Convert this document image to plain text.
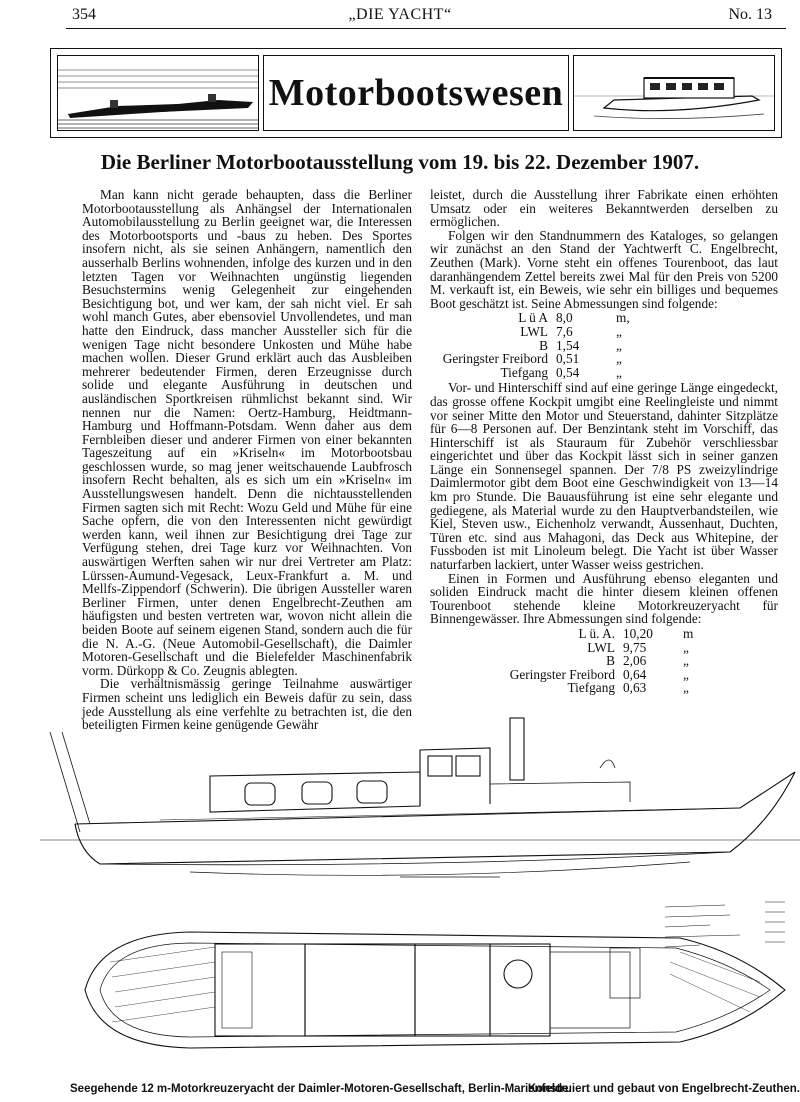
354	„DIE YACHT“	No. 13
Motorbootswesen
Die Berliner Motorbootausstellung vom 19. bis 22. Dezember 1907.

Man kann nicht gerade behaupten, dass die Berliner Motorbootausstellung als Anhängsel der Internationalen Automobilausstellung zu Berlin geeignet war, die Interessen des Motorbootsports und -baus zu heben. Des Sportes insofern nicht, als sie seinen Anhängern, namentlich den ausserhalb Berlins wohnenden, infolge des kurzen und in den letzten Tagen vor Weihnachten ungünstig liegenden Besuchstermins wenig Gelegenheit zur eingehenden Besichtigung bot, und wer kam, der sah nicht viel. Er sah wohl manch Gutes, aber ebensoviel Unvollendetes, und man hatte den Eindruck, dass mancher Aussteller sich für die wenigen Tage nicht besondere Unkosten und Mühe habe machen wollen. Dieser Grund erklärt auch das Ausbleiben mehrerer bedeutender Firmen, deren Erzeugnisse durch solide und elegante Ausführung in deutschen und ausländischen Sportkreisen rühmlichst bekannt sind. Wir nennen nur die Namen: Oertz-Hamburg, Heidtmann-Hamburg und Hoffmann-Potsdam. Wenn daher aus dem Fernbleiben dieser und anderer Firmen von einer bekannten Tageszeitung auf ein »Kriseln« im Motorbootsbau geschlossen wurde, so mag jener weitschauende Laubfrosch insofern Recht behalten, als es sich um ein »Kriseln« im Ausstellungswesen handelt. Denn die nichtausstellenden Firmen sagten sich mit Recht: Wozu Geld und Mühe für eine Sache opfern, die von den Interessenten nicht gewürdigt werden kann, weil ihnen zur Besichtigung drei Tage zur Verfügung stehen, drei Tage kurz vor Weihnachten. Von auswärtigen Werften sahen wir nur drei Vertreter am Platz: Lürssen-Aumund-Vegesack, Leux-Frankfurt a. M. und Mellfs-Zippendorf (Schwerin). Die übrigen Aussteller waren Berliner Firmen, unter denen Engelbrecht-Zeuthen am häufigsten und besten vertreten war, wovon nicht allein die beiden Boote auf seinem eigenen Stand, sondern auch die für die N. A.-G. (Neue Automobil-Gesellschaft), die Daimler Motoren-Gesellschaft und die Bielefelder Maschinenfabrik vorm. Dürkopp & Co. Zeugnis ablegten.

Die verhältnismässig geringe Teilnahme auswärtiger Firmen scheint uns lediglich ein Beweis dafür zu sein, dass jede Ausstellung als eine verfehlte zu betrachten ist, die den beteiligten Firmen keine genügende Gewähr

leistet, durch die Ausstellung ihrer Fabrikate einen erhöhten Umsatz oder ein weiteres Bekanntwerden derselben zu ermöglichen.

Folgen wir den Standnummern des Kataloges, so gelangen wir zunächst an den Stand der Yachtwerft C. Engelbrecht, Zeuthen (Mark). Vorne steht ein offenes Tourenboot, das laut daranhängendem Zettel bereits zwei Mal für den Preis von 5200 M. verkauft ist, ein Beweis, wie sehr ein billiges und bequemes Boot geschätzt ist. Seine Abmessungen sind folgende:

L ü A 8,0	m,
LWL 7,6	„
B 1,54	„
Geringster Freibord 0,51	„
Tiefgang 0,54	„

Vor- und Hinterschiff sind auf eine geringe Länge eingedeckt, das grosse offene Kockpit umgibt eine Reelingleiste und nimmt vor seiner Mitte den Motor und Steuerstand, dahinter Sitzplätze für 6—8 Personen auf. Der Benzintank steht im Vorschiff, das Hinterschiff ist als Stauraum für Zubehör verschliessbar eingerichtet und über das Kockpit lässt sich in seiner ganzen Länge ein Sonnensegel spannen. Der 7/8 PS zweizylindrige Daimlermotor gibt dem Boot eine Geschwindigkeit von 13—14 km pro Stunde. Die Bauausführung ist eine sehr elegante und gediegene, als Material wurde zu den Hauptverbandsteilen, wie Kiel, Steven usw., Eichenholz verwandt, Aussenhaut, Duchten, Türen etc. sind aus Mahagoni, das Deck aus Whitepine, der Fussboden ist mit Linoleum belegt. Die Yacht ist über Wasser naturfarben lackiert, unter Wasser weiss gestrichen.

Einen in Formen und Ausführung ebenso eleganten und soliden Eindruck macht die hinter diesem kleinen offenen Tourenboot stehende kleine Motorkreuzeryacht für Binnengewässer. Ihre Abmessungen sind folgende:

L ü. A. 10,20	m
LWL 9,75	„
B 2,06	„
Geringster Freibord 0,64	„
Tiefgang 0,63	„
Seegehende 12 m-Motorkreuzeryacht der Daimler-Motoren-Gesellschaft, Berlin-Marienfelde.
Konstruiert und gebaut von Engelbrecht-Zeuthen.
